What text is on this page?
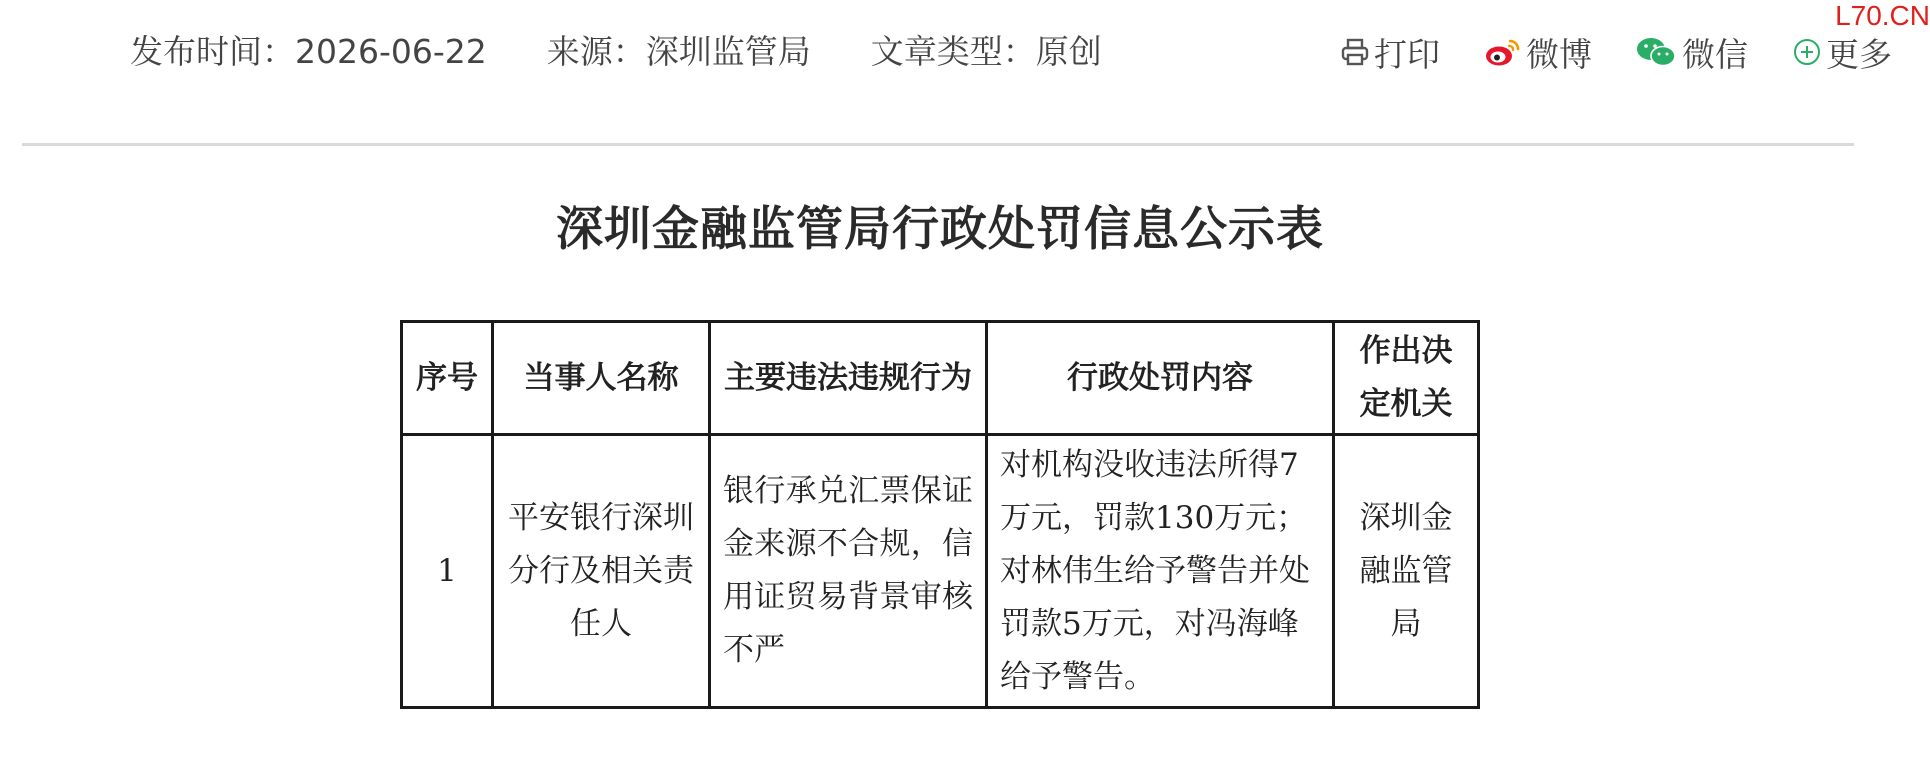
发布时间：2026-06-22 来源：深圳监管局 文章类型：原创	打印	微博	微信 更多
L70.CN
深圳金融监管局行政处罚信息公示表
序号	当事人名称	主要违法违规行为	行政处罚内容	作出决定机关
1	平安银行深圳分行及相关责任人	银行承兑汇票保证金来源不合规，信用证贸易背景审核不严	对机构没收违法所得7万元，罚款130万元；对林伟生给予警告并处罚款5万元，对冯海峰给予警告。	深圳金融监管局
